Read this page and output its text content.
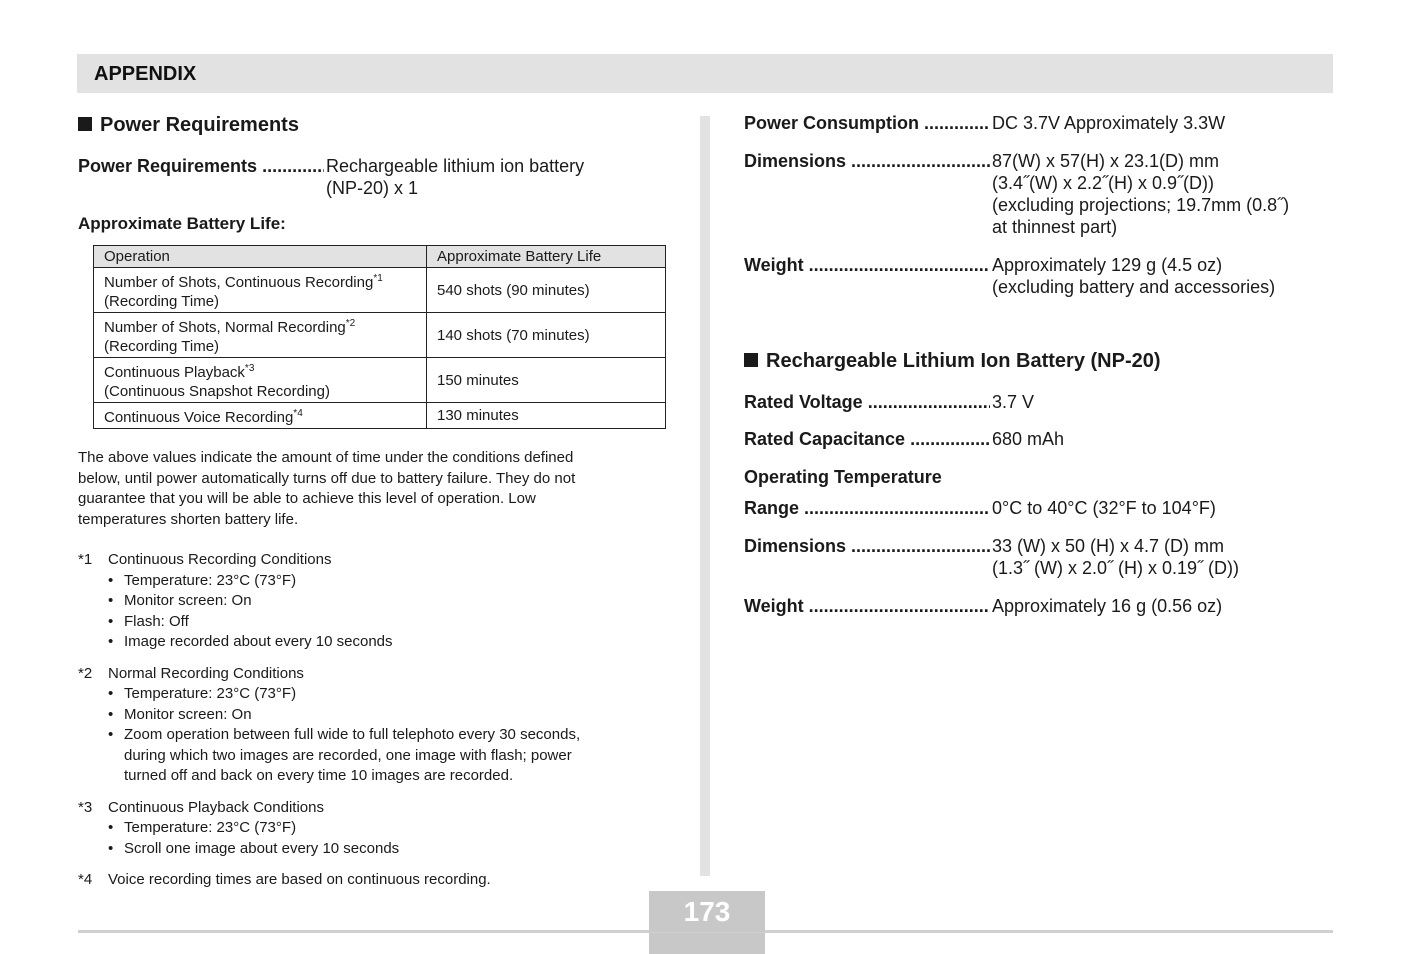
APPENDIX
Power Requirements
Power Requirements .....	Rechargeable lithium ion battery
(NP-20) x 1
Approximate Battery Life:
Operation	Approximate Battery Life
Number of Shots, Continuous Recording$^{*1}$
(Recording Time)	540 shots (90 minutes)
Number of Shots, Normal Recording$^{*2}$
(Recording Time)	140 shots (70 minutes)
Continuous Playback$^{*3}$
(Continuous Snapshot Recording)	150 minutes
Continuous Voice Recording$^{*4}$	130 minutes
The above values indicate the amount of time under the conditions defined
below, until power automatically turns off due to battery failure. They do not
guarantee that you will be able to achieve this level of operation. Low
temperatures shorten battery life.
*1	Continuous Recording Conditions
• Temperature: 23°C (73°F)
• Monitor screen: On
• Flash: Off
• Image recorded about every 10 seconds
*2	Normal Recording Conditions
• Temperature: 23°C (73°F)
• Monitor screen: On
• Zoom operation between full wide to full telephoto every 30 seconds,
during which two images are recorded, one image with flash; power
turned off and back on every time 10 images are recorded.
*3	Continuous Playback Conditions
• Temperature: 23°C (73°F)
• Scroll one image about every 10 seconds
*4	Voice recording times are based on continuous recording.
Power Consumption .....	DC 3.7V Approximately 3.3W
Dimensions .....	87(W) x 57(H) x 23.1(D) mm
(3.4˝(W) x 2.2˝(H) x 0.9˝(D))
(excluding projections; 19.7mm (0.8˝)
at thinnest part)
Weight .....	Approximately 129 g (4.5 oz)
(excluding battery and accessories)
Rechargeable Lithium Ion Battery (NP-20)
Rated Voltage .....	3.7 V
Rated Capacitance .....	680 mAh
Operating Temperature
Range .....	0°C to 40°C (32°F to 104°F)
Dimensions .....	33 (W) x 50 (H) x 4.7 (D) mm
(1.3˝ (W) x 2.0˝ (H) x 0.19˝ (D))
Weight .....	Approximately 16 g (0.56 oz)
173
